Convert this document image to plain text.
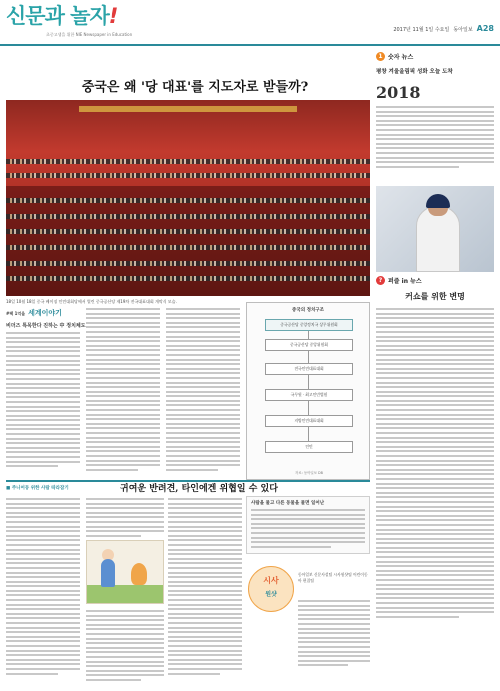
신문과 놀자!
초중고생을 위한 NIE Newspaper in Education
2017년 11월 1일 수요일 동아일보 A28
중국은 왜 '당 대표'를 지도자로 받들까?
18일 10월 18일 중국 베이징 인민대회당에서 열린 중국공산당 제19차 전국대표대회 개막식 모습.
1 숫자 뉴스
평창 겨울올림픽 성화 오늘 도착
2018
? 퍼즐 in 뉴스
커쇼를 위한 변명
#팩 1억을 세계이야기
비더즈 특목한다 진하는 中 정치체도
중국의 정치구조
중국공산당 중앙정치국 상무위원회
중국공산당 중앙위원회
전국인민대표대회
국무원 · 최고인민법원
지방인민대표대회
인민
자료: 동아일보 DB
■ 주니어동 위한 사람 따라잡기	귀여운 반려견, 타인에겐 위협일 수 있다
사람을 물고 다른 동물을 물면 일어난
시사
원샷
동아일보 신문사설팀 시사원샷팀 어린이동아 편집팀
